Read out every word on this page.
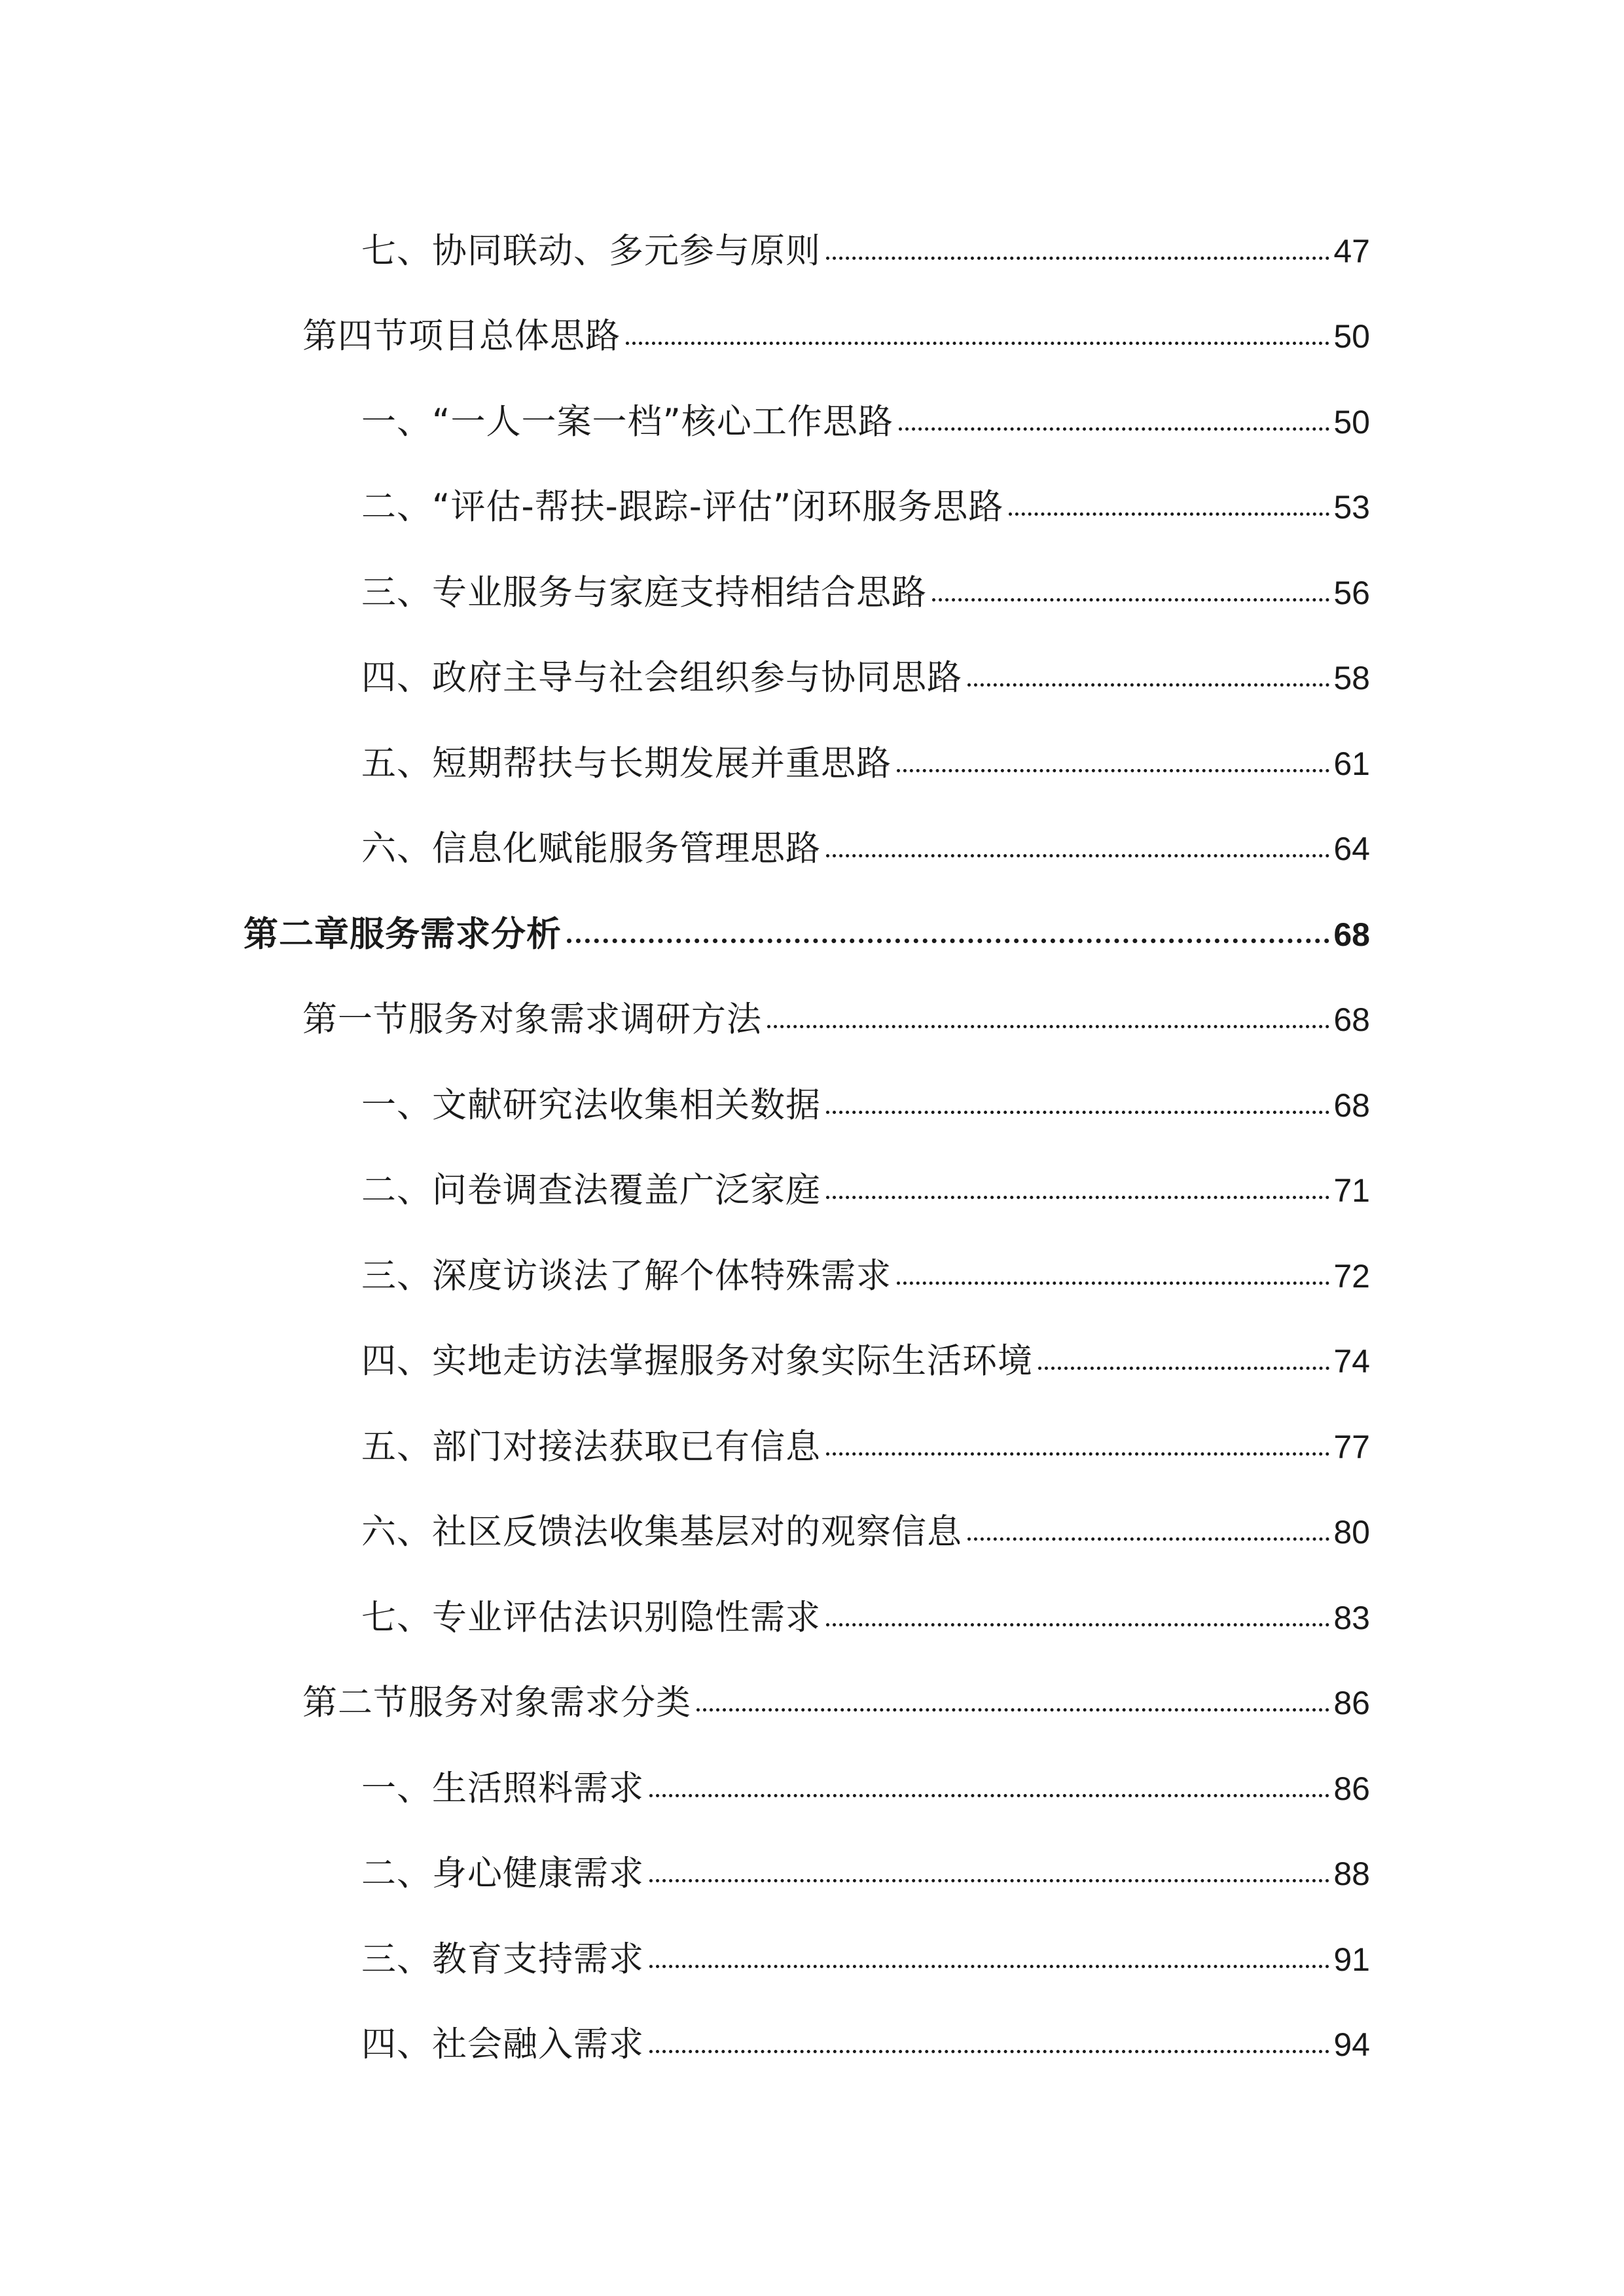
七、协同联动、多元参与原则	47
第四节项目总体思路	50
一、“一人一案一档”核心工作思路	50
二、“评估-帮扶-跟踪-评估”闭环服务思路	53
三、专业服务与家庭支持相结合思路	56
四、政府主导与社会组织参与协同思路	58
五、短期帮扶与长期发展并重思路	61
六、信息化赋能服务管理思路	64
第二章服务需求分析	68
第一节服务对象需求调研方法	68
一、文献研究法收集相关数据	68
二、问卷调查法覆盖广泛家庭	71
三、深度访谈法了解个体特殊需求	72
四、实地走访法掌握服务对象实际生活环境	74
五、部门对接法获取已有信息	77
六、社区反馈法收集基层对的观察信息	80
七、专业评估法识别隐性需求	83
第二节服务对象需求分类	86
一、生活照料需求	86
二、身心健康需求	88
三、教育支持需求	91
四、社会融入需求	94
